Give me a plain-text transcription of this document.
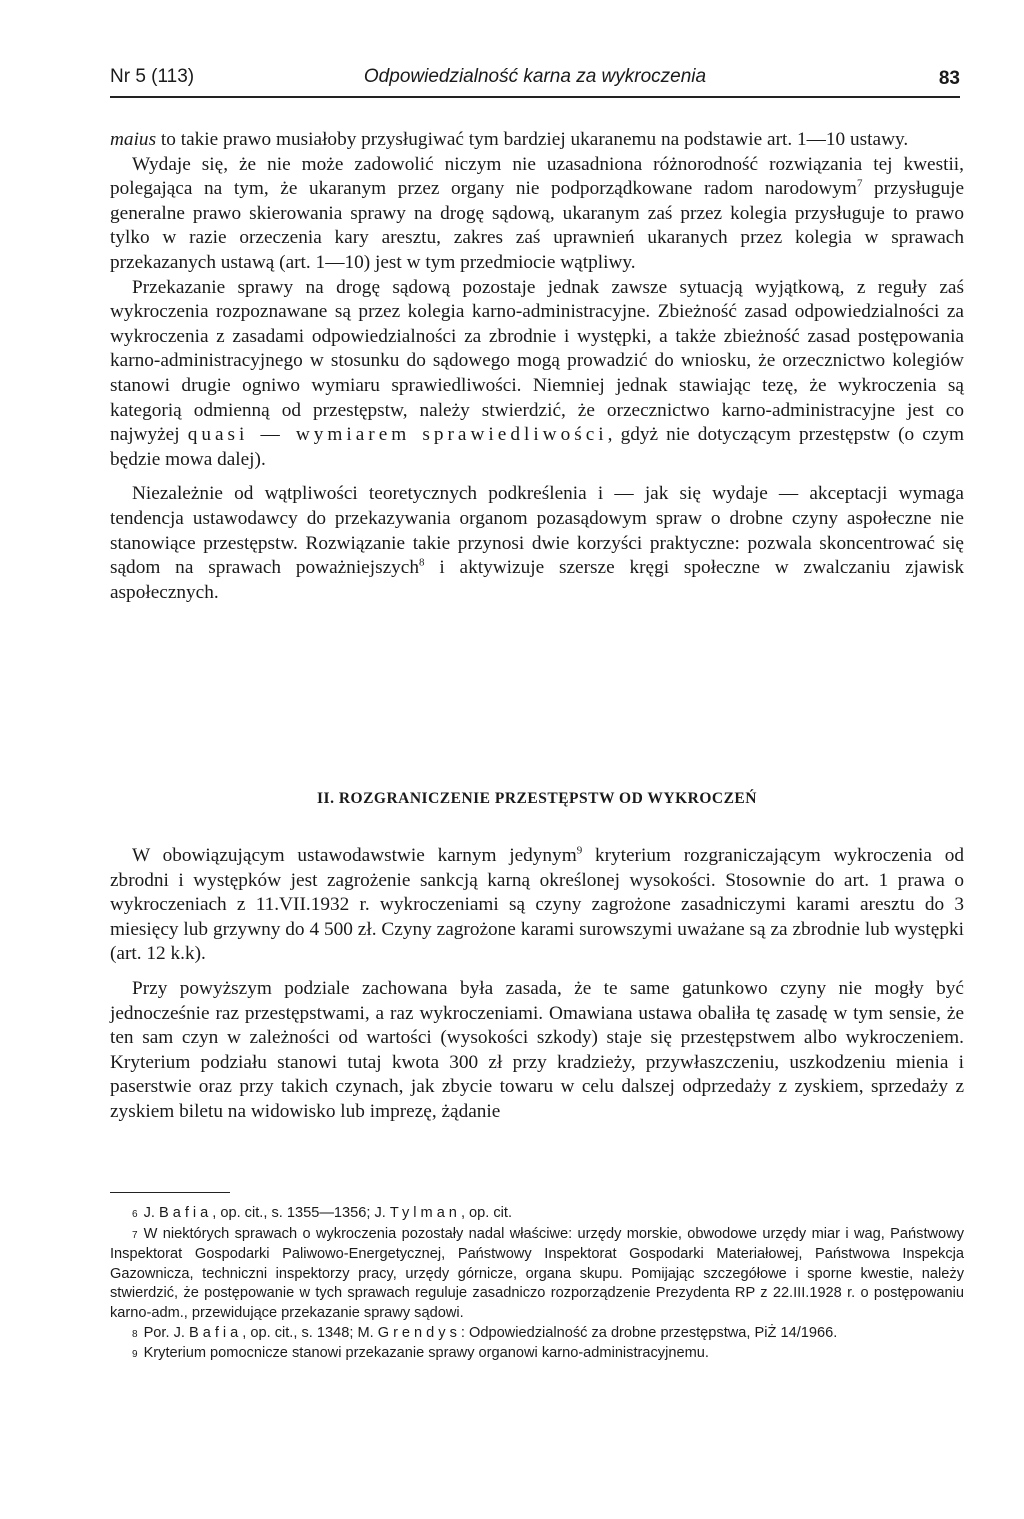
Nr 5 (113)	Odpowiedzialność karna za wykroczenia	83

maius to takie prawo musiałoby przysługiwać tym bardziej ukaranemu na podstawie art. 1—10 ustawy.

Wydaje się, że nie może zadowolić niczym nie uzasadniona różnorodność rozwiązania tej kwestii, polegająca na tym, że ukaranym przez organy nie podporządkowane radom narodowym$^7$ przysługuje generalne prawo skierowania sprawy na drogę sądową, ukaranym zaś przez kolegia przysługuje to prawo tylko w razie orzeczenia kary aresztu, zakres zaś uprawnień ukaranych przez kolegia w sprawach przekazanych ustawą (art. 1—10) jest w tym przedmiocie wątpliwy.

Przekazanie sprawy na drogę sądową pozostaje jednak zawsze sytuacją wyjątkową, z reguły zaś wykroczenia rozpoznawane są przez kolegia karno-administracyjne. Zbieżność zasad odpowiedzialności za wykroczenia z zasadami odpowiedzialności za zbrodnie i występki, a także zbieżność zasad postępowania karno-administracyjnego w stosunku do sądowego mogą prowadzić do wniosku, że orzecznictwo kolegiów stanowi drugie ogniwo wymiaru sprawiedliwości. Niemniej jednak stawiając tezę, że wykroczenia są kategorią odmienną od przestępstw, należy stwierdzić, że orzecznictwo karno-administracyjne jest co najwyżej quasi — wymiarem sprawiedliwości, gdyż nie dotyczącym przestępstw (o czym będzie mowa dalej).

Niezależnie od wątpliwości teoretycznych podkreślenia i — jak się wydaje — akceptacji wymaga tendencja ustawodawcy do przekazywania organom pozasądowym spraw o drobne czyny aspołeczne nie stanowiące przestępstw. Rozwiązanie takie przynosi dwie korzyści praktyczne: pozwala skoncentrować się sądom na sprawach poważniejszych$^8$ i aktywizuje szersze kręgi społeczne w zwalczaniu zjawisk aspołecznych.

II. ROZGRANICZENIE PRZESTĘPSTW OD WYKROCZEŃ

W obowiązującym ustawodawstwie karnym jedynym$^9$ kryterium rozgraniczającym wykroczenia od zbrodni i występków jest zagrożenie sankcją karną określonej wysokości. Stosownie do art. 1 prawa o wykroczeniach z 11.VII.1932 r. wykroczeniami są czyny zagrożone zasadniczymi karami aresztu do 3 miesięcy lub grzywny do 4 500 zł. Czyny zagrożone karami surowszymi uważane są za zbrodnie lub występki (art. 12 k.k).

Przy powyższym podziale zachowana była zasada, że te same gatunkowo czyny nie mogły być jednocześnie raz przestępstwami, a raz wykroczeniami. Omawiana ustawa obaliła tę zasadę w tym sensie, że ten sam czyn w zależności od wartości (wysokości szkody) staje się przestępstwem albo wykroczeniem. Kryterium podziału stanowi tutaj kwota 300 zł przy kradzieży, przywłaszczeniu, uszkodzeniu mienia i paserstwie oraz przy takich czynach, jak zbycie towaru w celu dalszej odprzedaży z zyskiem, sprzedaży z zyskiem biletu na widowisko lub imprezę, żądanie

6 J. Bafia, op. cit., s. 1355—1356; J. Tylman, op. cit.

7 W niektórych sprawach o wykroczenia pozostały nadal właściwe: urzędy morskie, obwodowe urzędy miar i wag, Państwowy Inspektorat Gospodarki Paliwowo-Energetycznej, Państwowy Inspektorat Gospodarki Materiałowej, Państwowa Inspekcja Gazownicza, techniczni inspektorzy pracy, urzędy górnicze, organa skupu. Pomijając szczegółowe i sporne kwestie, należy stwierdzić, że postępowanie w tych sprawach reguluje zasadniczo rozporządzenie Prezydenta RP z 22.III.1928 r. o postępowaniu karno-adm., przewidujące przekazanie sprawy sądowi.

8 Por. J. Bafia, op. cit., s. 1348; M. Grendys: Odpowiedzialność za drobne przestępstwa, PiŻ 14/1966.

9 Kryterium pomocnicze stanowi przekazanie sprawy organowi karno-administracyjnemu.
